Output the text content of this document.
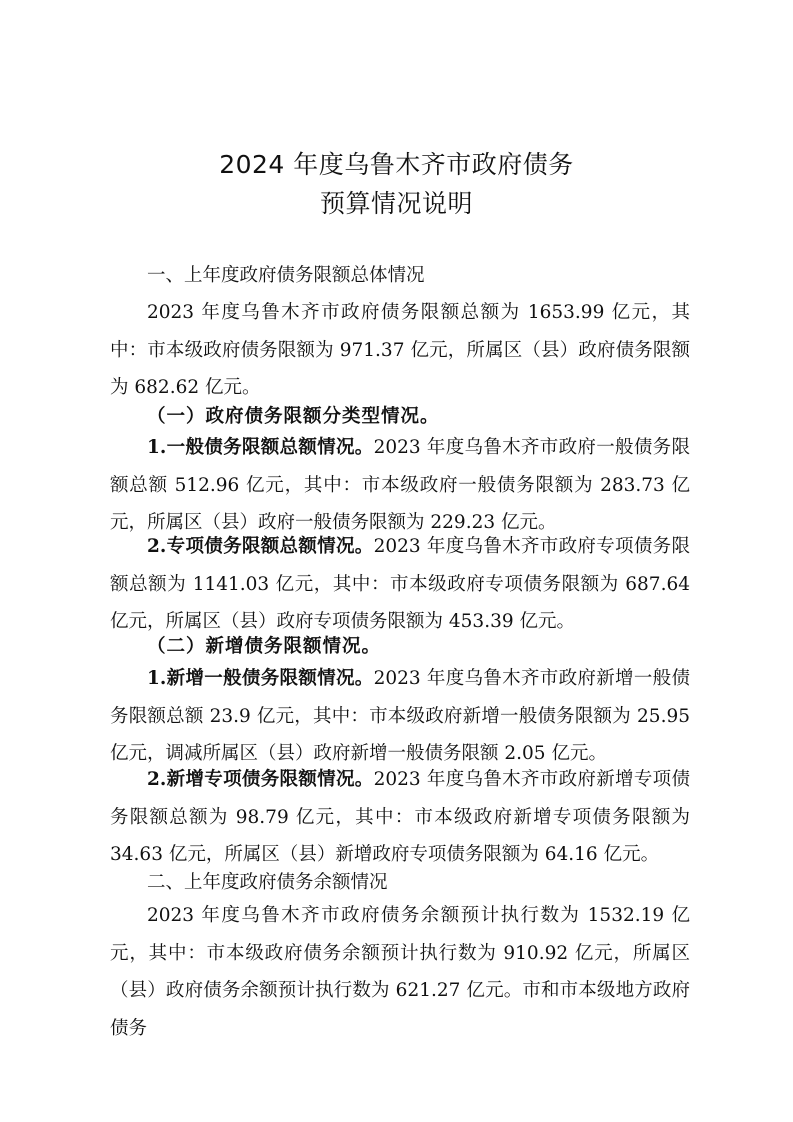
2024 年度乌鲁木齐市政府债务
预算情况说明
一、上年度政府债务限额总体情况
2023 年度乌鲁木齐市政府债务限额总额为 1653.99 亿元，其中：市本级政府债务限额为 971.37 亿元，所属区（县）政府债务限额为 682.62 亿元。
（一）政府债务限额分类型情况。
1.一般债务限额总额情况。2023 年度乌鲁木齐市政府一般债务限额总额 512.96 亿元，其中：市本级政府一般债务限额为 283.73 亿元，所属区（县）政府一般债务限额为 229.23 亿元。
2.专项债务限额总额情况。2023 年度乌鲁木齐市政府专项债务限额总额为 1141.03 亿元，其中：市本级政府专项债务限额为 687.64 亿元，所属区（县）政府专项债务限额为 453.39 亿元。
（二）新增债务限额情况。
1.新增一般债务限额情况。2023 年度乌鲁木齐市政府新增一般债务限额总额 23.9 亿元，其中：市本级政府新增一般债务限额为 25.95 亿元，调减所属区（县）政府新增一般债务限额 2.05 亿元。
2.新增专项债务限额情况。2023 年度乌鲁木齐市政府新增专项债务限额总额为 98.79 亿元，其中：市本级政府新增专项债务限额为 34.63 亿元，所属区（县）新增政府专项债务限额为 64.16 亿元。
二、上年度政府债务余额情况
2023 年度乌鲁木齐市政府债务余额预计执行数为 1532.19 亿元，其中：市本级政府债务余额预计执行数为 910.92 亿元，所属区（县）政府债务余额预计执行数为 621.27 亿元。市和市本级地方政府债务
